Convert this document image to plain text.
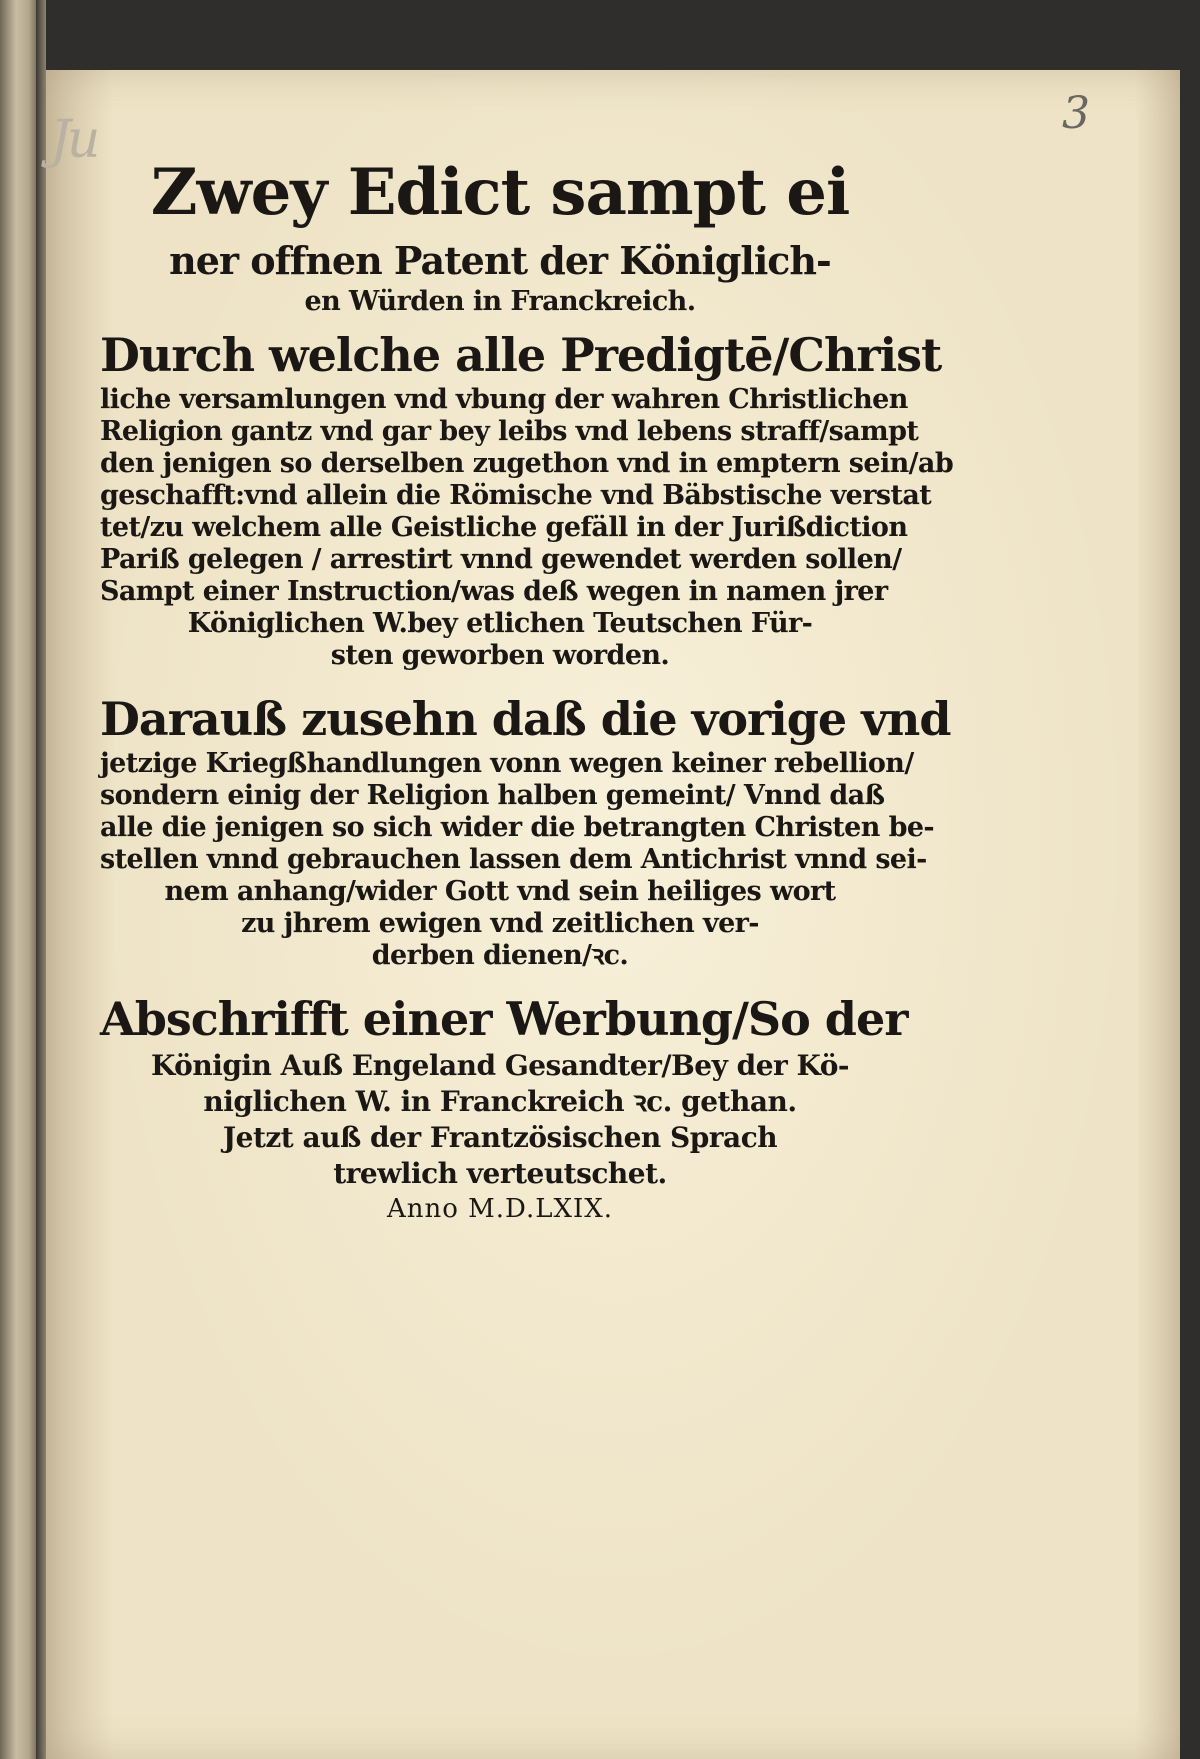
Ju	3
Zwey Edict sampt ei
ner offnen Patent der Königlich-
en Würden in Franckreich.
Durch welche alle Predigtē/Christ
liche versamlungen vnd vbung der wahren Christlichen
Religion gantz vnd gar bey leibs vnd lebens straff/sampt
den jenigen so derselben zugethon vnd in emptern sein/ab
geschafft:vnd allein die Römische vnd Bäbstische verstat
tet/zu welchem alle Geistliche gefäll in der Jurißdiction
Pariß gelegen / arrestirt vnnd gewendet werden sollen/
Sampt einer Instruction/was deß wegen in namen jrer
Königlichen W.bey etlichen Teutschen Für-
sten geworben worden.
Darauß zusehn daß die vorige vnd
jetzige Kriegßhandlungen vonn wegen keiner rebellion/
sondern einig der Religion halben gemeint/ Vnnd daß
alle die jenigen so sich wider die betrangten Christen be-
stellen vnnd gebrauchen lassen dem Antichrist vnnd sei-
nem anhang/wider Gott vnd sein heiliges wort
zu jhrem ewigen vnd zeitlichen ver-
derben dienen/ꝛc.
Abschrifft einer Werbung/So der
Königin Auß Engeland Gesandter/Bey der Kö-
niglichen W. in Franckreich ꝛc. gethan.
Jetzt auß der Frantzösischen Sprach
trewlich verteutschet.
Anno M.D.LXIX.
